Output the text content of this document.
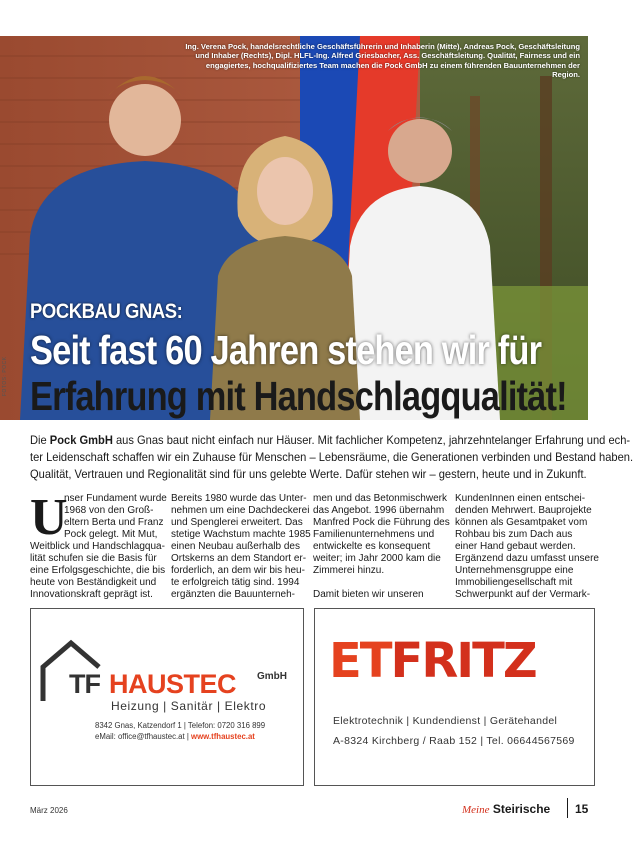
Ing. Verena Pock, handelsrechtliche Geschäftsführerin und Inhaberin (Mitte), Andreas Pock, Geschäftsleitung und Inhaber (Rechts), Dipl. HLFL-Ing. Alfred Griesbacher, Ass. Geschäftsleitung. Qualität, Fairness und ein engagiertes, hochqualifiziertes Team machen die Pock GmbH zu einem führenden Bauunternehmen der Region.
FOTOS: POCK
POCKBAU GNAS:
Seit fast 60 Jahren stehen wir für
Erfahrung mit Handschlagqualität!
Die Pock GmbH aus Gnas baut nicht einfach nur Häuser. Mit fachlicher Kompetenz, jahrzehntelanger Erfahrung und ech-
ter Leidenschaft schaffen wir ein Zuhause für Menschen – Lebensräume, die Generationen verbinden und Bestand haben.
Qualität, Vertrauen und Regionalität sind für uns gelebte Werte. Dafür stehen wir – gestern, heute und in Zukunft.
U
nser Fundament wurde
1968 von den Groß-
eltern Berta und Franz
Pock gelegt. Mit Mut,
Weitblick und Handschlagqua-
lität schufen sie die Basis für
eine Erfolgsgeschichte, die bis
heute von Beständigkeit und
Innovationskraft geprägt ist.
Bereits 1980 wurde das Unter-
nehmen um eine Dachdeckerei
und Spenglerei erweitert. Das
stetige Wachstum machte 1985
einen Neubau außerhalb des
Ortskerns an dem Standort er-
forderlich, an dem wir bis heu-
te erfolgreich tätig sind. 1994
ergänzten die Bauunterneh-
men und das Betonmischwerk
das Angebot. 1996 übernahm
Manfred Pock die Führung des
Familienunternehmens und
entwickelte es konsequent
weiter; im Jahr 2000 kam die
Zimmerei hinzu.

Damit bieten wir unseren
KundenInnen einen entschei-
denden Mehrwert. Bauprojekte
können als Gesamtpaket vom
Rohbau bis zum Dach aus
einer Hand gebaut werden.
Ergänzend dazu umfasst unsere
Unternehmensgruppe eine
Immobiliengesellschaft mit
Schwerpunkt auf der Vermark-
TF HAUSTEC GmbH
Heizung | Sanitär | Elektro
8342 Gnas, Katzendorf 1 | Telefon: 0720 316 899
eMail: office@tfhaustec.at | www.tfhaustec.at
ETFRITZ
Elektrotechnik | Kundendienst | Gerätehandel
A-8324 Kirchberg / Raab 152 | Tel. 06644567569
März 2026	Meine Steirische 15
